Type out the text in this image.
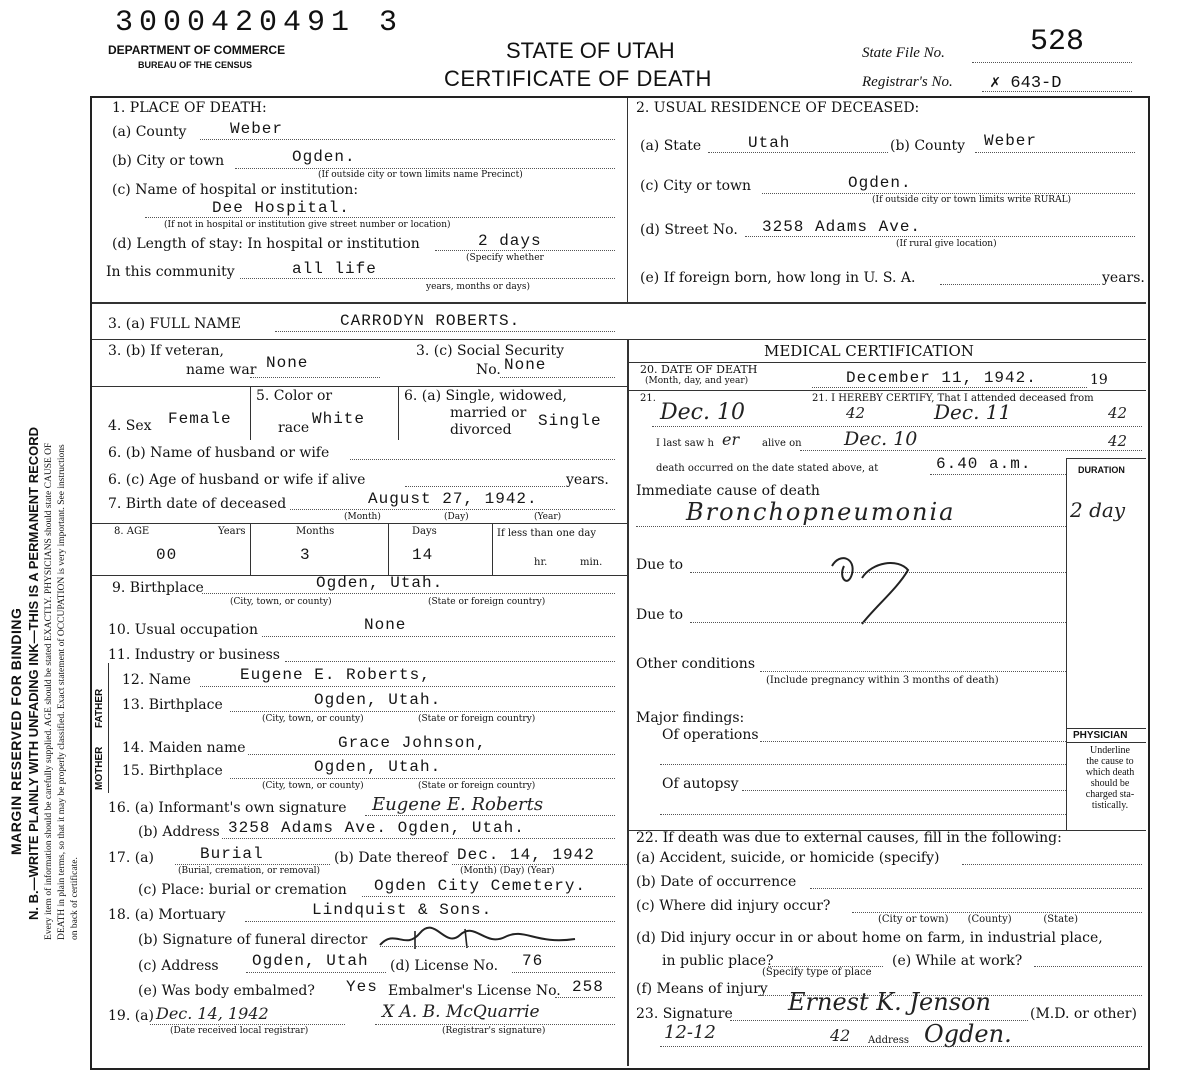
MARGIN RESERVED FOR BINDING N. B.—WRITE PLAINLY WITH UNFADING INK—THIS IS A PERMANENT RECORD Every item of information should be carefully supplied. AGE should be stated EXACTLY. PHYSICIANS should state CAUSE OF DEATH in plain terms, so that it may be properly classified. Exact statement of OCCUPATION is very important. See instructions on back of certificate.
3000420491 3
DEPARTMENT OF COMMERCE
BUREAU OF THE CENSUS
STATE OF UTAH
CERTIFICATE OF DEATH
State File No.	528
Registrar's No. ✗ 643-D
1. PLACE OF DEATH:
(a) County	Weber
(b) City or town	Ogden.
(If outside city or town limits name Precinct)
(c) Name of hospital or institution:
Dee Hospital.
(If not in hospital or institution give street number or location)
(d) Length of stay: In hospital or institution	2 days
(Specify whether
In this community	all life
years, months or days)
2. USUAL RESIDENCE OF DECEASED:
(a) State	Utah	(b) County Weber
(c) City or town	Ogden.
(If outside city or town limits write RURAL)
(d) Street No. 3258 Adams Ave.
(If rural give location)
(e) If foreign born, how long in U. S. A.	years.
3. (a) FULL NAME	CARRODYN ROBERTS.
3. (b) If veteran,
name war None
3. (c) Social Security
No. None
4. Sex Female
5. Color or
race White
6. (a) Single, widowed,
married or
divorced Single
6. (b) Name of husband or wife
6. (c) Age of husband or wife if alive	years.
7. Birth date of deceased	August 27, 1942.
(Month)	(Day)	(Year)
8. AGE	Years
00
Months
3
Days
14
If less than one day
hr.	min.
9. Birthplace	Ogden, Utah.
(City, town, or county)	(State or foreign country)
10. Usual occupation	None
11. Industry or business
FATHER
MOTHER
12. Name	Eugene E. Roberts,
13. Birthplace	Ogden, Utah.
(City, town, or county)	(State or foreign country)
14. Maiden name	Grace Johnson,
15. Birthplace	Ogden, Utah.
(City, town, or county)	(State or foreign country)
16. (a) Informant's own signature Eugene E. Roberts
(b) Address 3258 Adams Ave. Ogden, Utah.
17. (a)	Burial
(Burial, cremation, or removal)
(b) Date thereof Dec. 14, 1942
(Month) (Day) (Year)
(c) Place: burial or cremation Ogden City Cemetery.
18. (a) Mortuary	Lindquist & Sons.
(b) Signature of funeral director
(c) Address Ogden, Utah (d) License No. 76
(e) Was body embalmed? Yes Embalmer's License No. 258
19. (a) Dec. 14, 1942
(Date received local registrar)
X A. B. McQuarrie
(Registrar's signature)
MEDICAL CERTIFICATION
20. DATE OF DEATH
(Month, day, and year)	December 11, 1942.	19
21.	21. I HEREBY CERTIFY, That I attended deceased from
Dec. 10	42	Dec. 11	42
I last saw h er alive on Dec. 10	42
death occurred on the date stated above, at	6.40 a.m.	DURATION
Immediate cause of death
Bronchopneumonia	2 day
Due to
Due to
Other conditions
(Include pregnancy within 3 months of death)
Major findings:
Of operations
Of autopsy
PHYSICIAN
Underline
the cause to
which death
should be
charged sta-
tistically.
22. If death was due to external causes, fill in the following:
(a) Accident, suicide, or homicide (specify)
(b) Date of occurrence
(c) Where did injury occur?
(City or town)      (County)          (State)
(d) Did injury occur in or about home on farm, in industrial place,
in public place?
(Specify type of place
(e) While at work?
(f) Means of injury
23. Signature Ernest K. Jenson	(M.D. or other)
12-12	42 Address Ogden.
